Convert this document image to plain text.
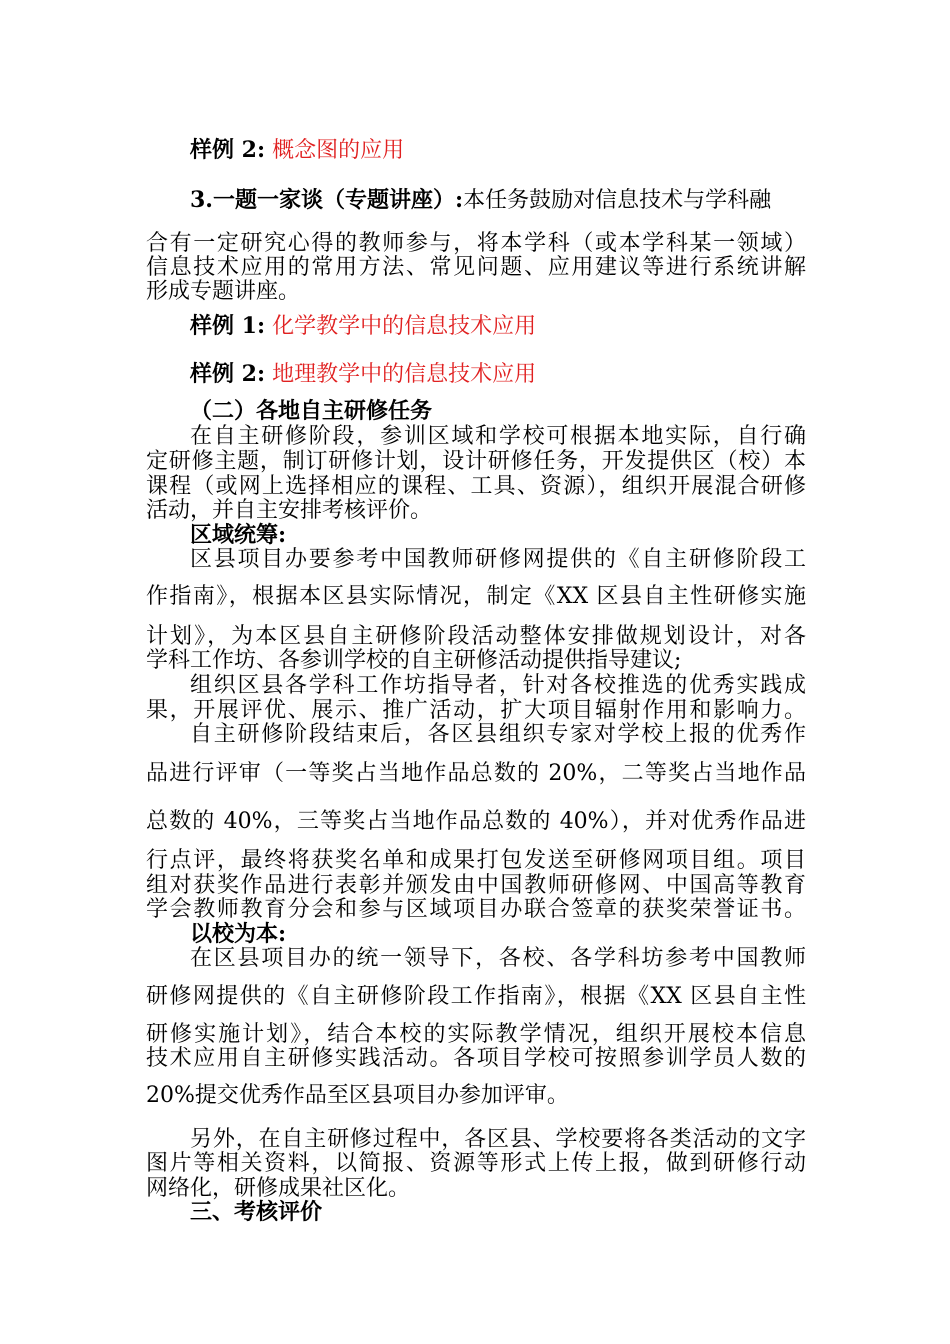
样例 2: 概念图的应用
3.一题一家谈（专题讲座）:本任务鼓励对信息技术与学科融
合有一定研究心得的教师参与，将本学科（或本学科某一领域）
信息技术应用的常用方法、常见问题、应用建议等进行系统讲解
形成专题讲座。
样例 1: 化学教学中的信息技术应用
样例 2: 地理教学中的信息技术应用
（二）各地自主研修任务
在自主研修阶段，参训区域和学校可根据本地实际，自行确
定研修主题，制订研修计划，设计研修任务，开发提供区（校）本
课程（或网上选择相应的课程、工具、资源），组织开展混合研修
活动，并自主安排考核评价。
区域统筹:
区县项目办要参考中国教师研修网提供的《自主研修阶段工
作指南》，根据本区县实际情况，制定《XX 区县自主性研修实施
计划》，为本区县自主研修阶段活动整体安排做规划设计，对各
学科工作坊、各参训学校的自主研修活动提供指导建议;
组织区县各学科工作坊指导者，针对各校推选的优秀实践成
果，开展评优、展示、推广活动，扩大项目辐射作用和影响力。
自主研修阶段结束后，各区县组织专家对学校上报的优秀作
品进行评审（一等奖占当地作品总数的 20%，二等奖占当地作品
总数的 40%，三等奖占当地作品总数的 40%），并对优秀作品进
行点评，最终将获奖名单和成果打包发送至研修网项目组。项目
组对获奖作品进行表彰并颁发由中国教师研修网、中国高等教育
学会教师教育分会和参与区域项目办联合签章的获奖荣誉证书。
以校为本:
在区县项目办的统一领导下，各校、各学科坊参考中国教师
研修网提供的《自主研修阶段工作指南》，根据《XX 区县自主性
研修实施计划》，结合本校的实际教学情况，组织开展校本信息
技术应用自主研修实践活动。各项目学校可按照参训学员人数的
20%提交优秀作品至区县项目办参加评审。
另外，在自主研修过程中，各区县、学校要将各类活动的文字
图片等相关资料，以简报、资源等形式上传上报，做到研修行动
网络化，研修成果社区化。
三、考核评价
